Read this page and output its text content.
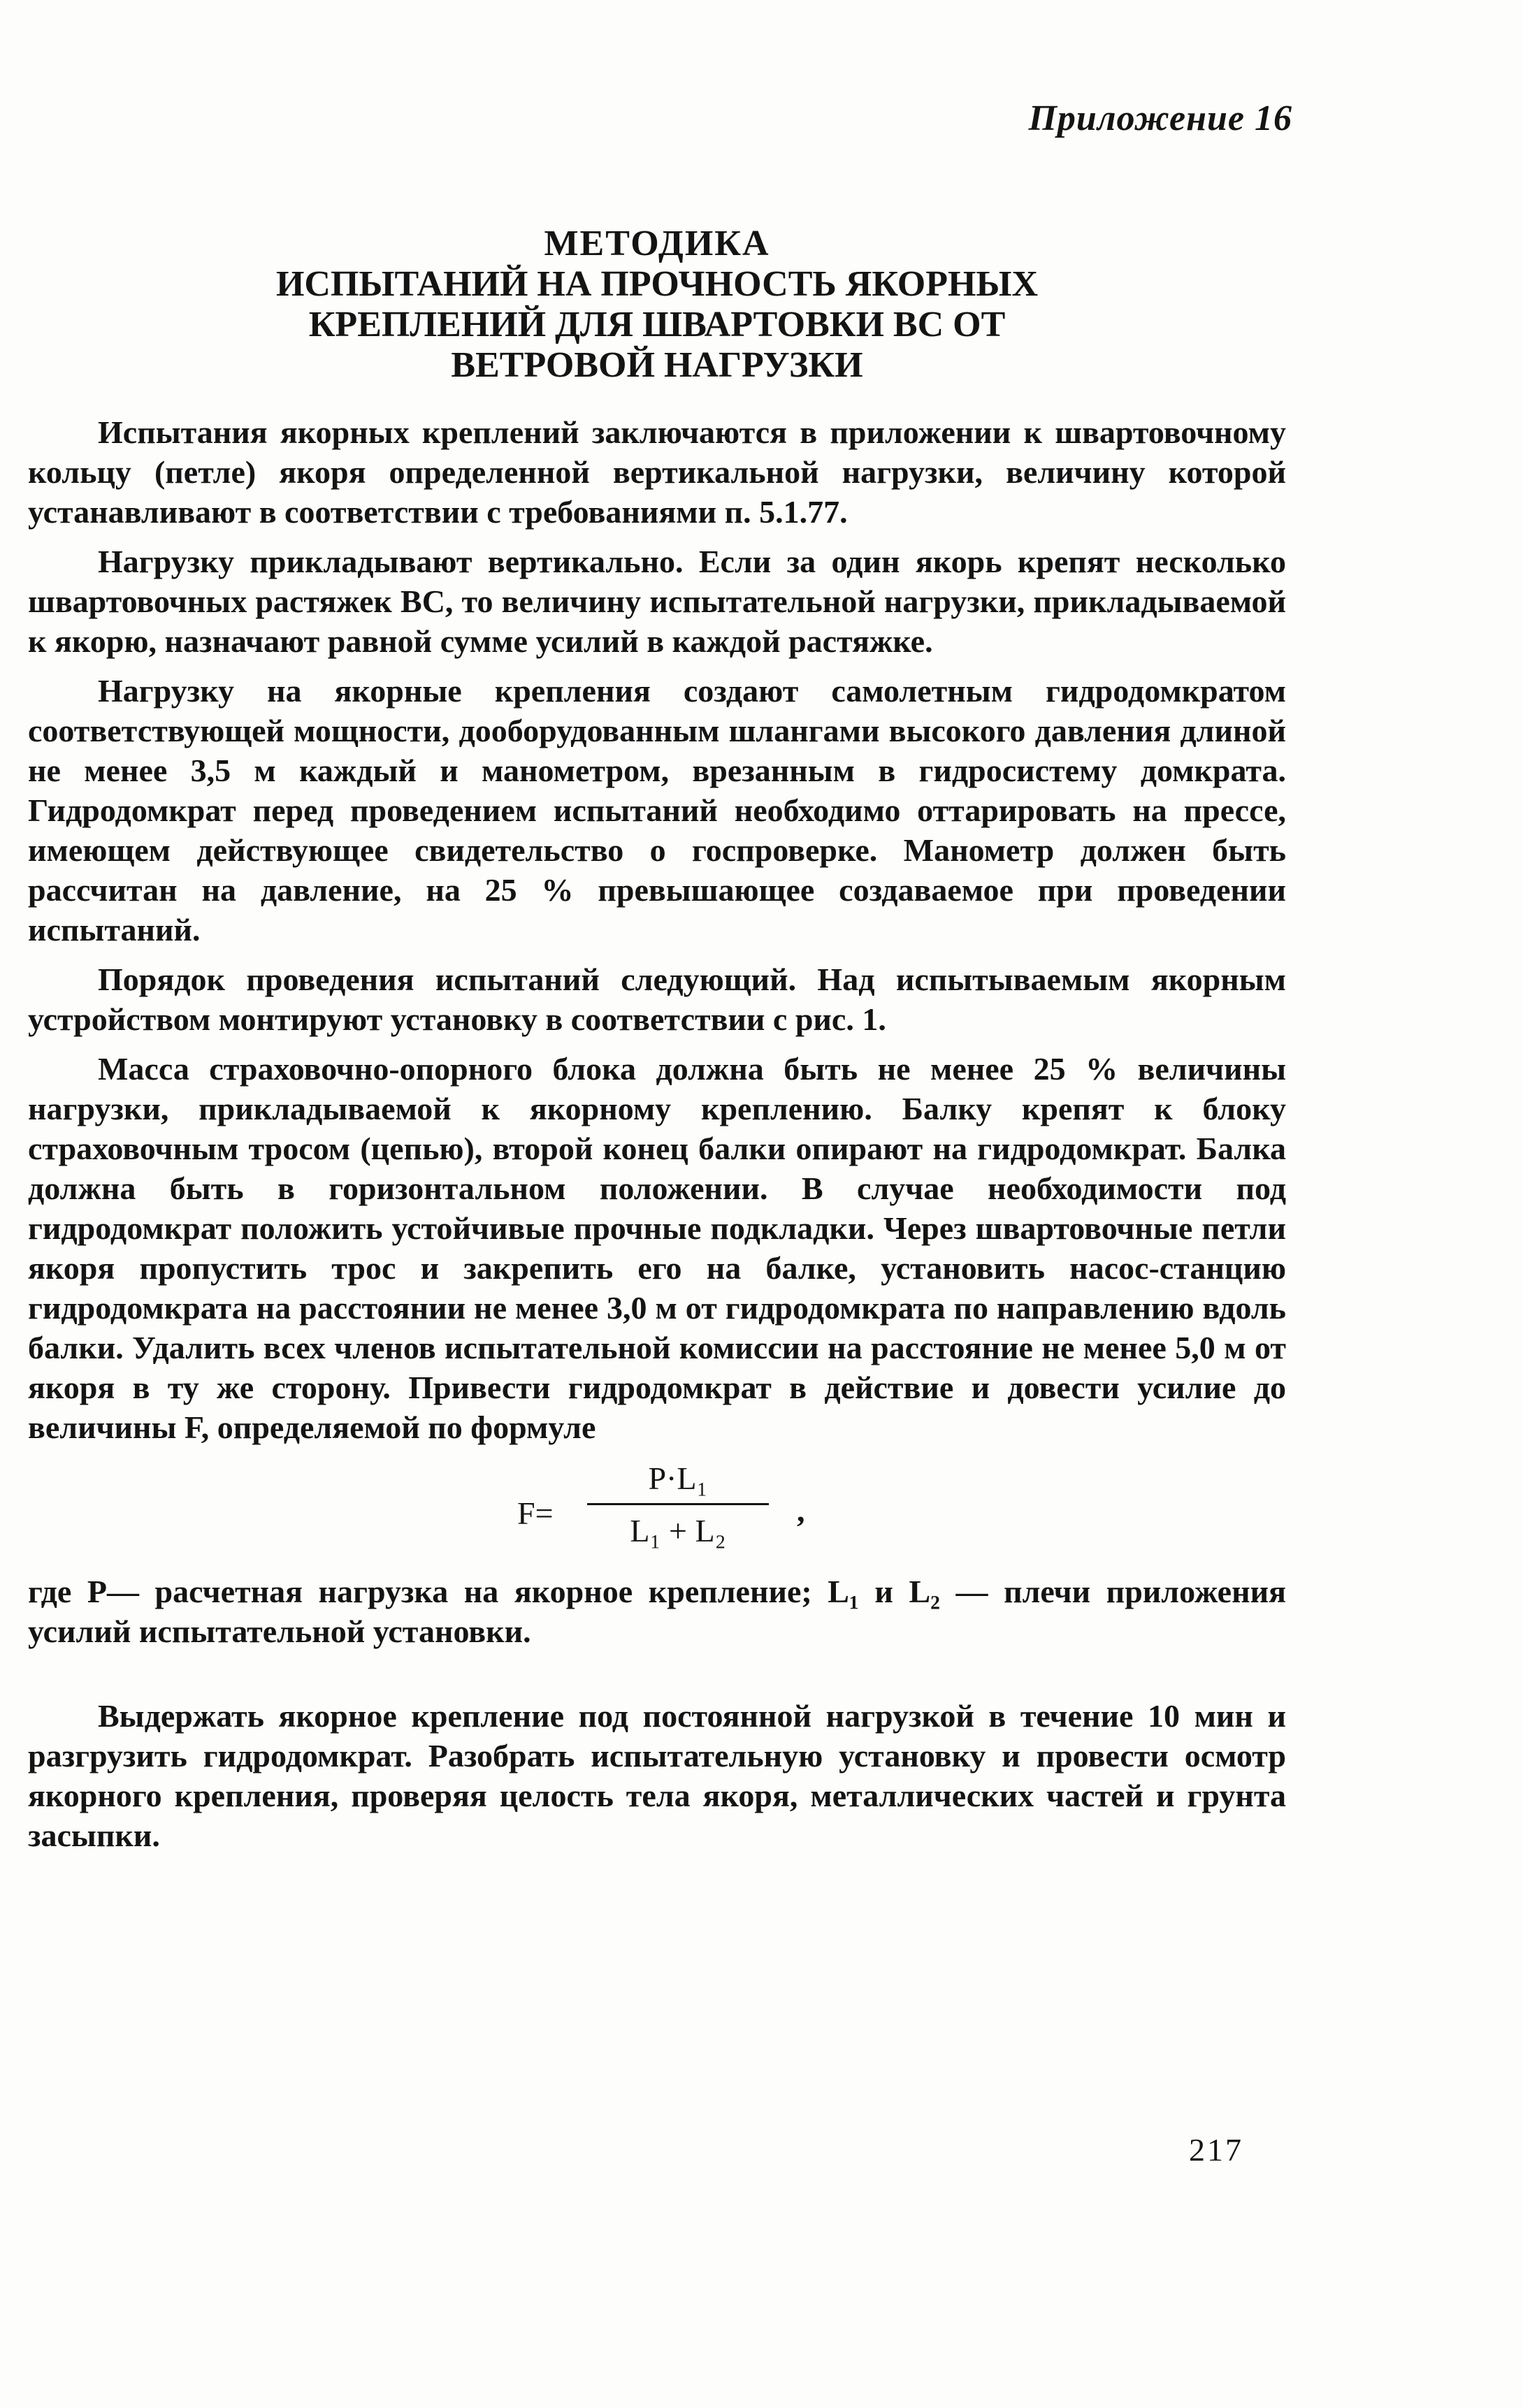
Приложение 16
МЕТОДИКА
ИСПЫТАНИЙ НА ПРОЧНОСТЬ ЯКОРНЫХ
КРЕПЛЕНИЙ ДЛЯ ШВАРТОВКИ ВС ОТ
ВЕТРОВОЙ НАГРУЗКИ

Испытания якорных креплений заключаются в приложении к швартовочному кольцу (петле) якоря определенной вертикальной нагрузки, величину которой устанавливают в соответствии с требованиями п. 5.1.77.

Нагрузку прикладывают вертикально. Если за один якорь крепят несколько швартовочных растяжек ВС, то величину испытательной нагрузки, прикладываемой к якорю, назначают равной сумме усилий в каждой растяжке.

Нагрузку на якорные крепления создают самолетным гидродомкратом соответствующей мощности, дооборудованным шлангами высокого давления длиной не менее 3,5 м каждый и манометром, врезанным в гидросистему домкрата. Гидродомкрат перед проведением испытаний необходимо оттарировать на прессе, имеющем действующее свидетельство о госпроверке. Манометр должен быть рассчитан на давление, на 25 % превышающее создаваемое при проведении испытаний.

Порядок проведения испытаний следующий. Над испытываемым якорным устройством монтируют установку в соответствии с рис. 1.

Масса страховочно-опорного блока должна быть не менее 25 % величины нагрузки, прикладываемой к якорному креплению. Балку крепят к блоку страховочным тросом (цепью), второй конец балки опирают на гидродомкрат. Балка должна быть в горизонтальном положении. В случае необходимости под гидродомкрат положить устойчивые прочные подкладки. Через швартовочные петли якоря пропустить трос и закрепить его на балке, установить насос-станцию гидродомкрата на расстоянии не менее 3,0 м от гидродомкрата по направлению вдоль балки. Удалить всех членов испытательной комиссии на расстояние не менее 5,0 м от якоря в ту же сторону. Привести гидродомкрат в действие и довести усилие до величины F, определяемой по формуле

F=
P·L₁
L₁ + L₂
,

где P— расчетная нагрузка на якорное крепление; L₁ и L₂ — плечи приложения усилий испытательной установки.

Выдержать якорное крепление под постоянной нагрузкой в течение 10 мин и разгрузить гидродомкрат. Разобрать испытательную установку и провести осмотр якорного крепления, проверяя целость тела якоря, металлических частей и грунта засыпки.

217
